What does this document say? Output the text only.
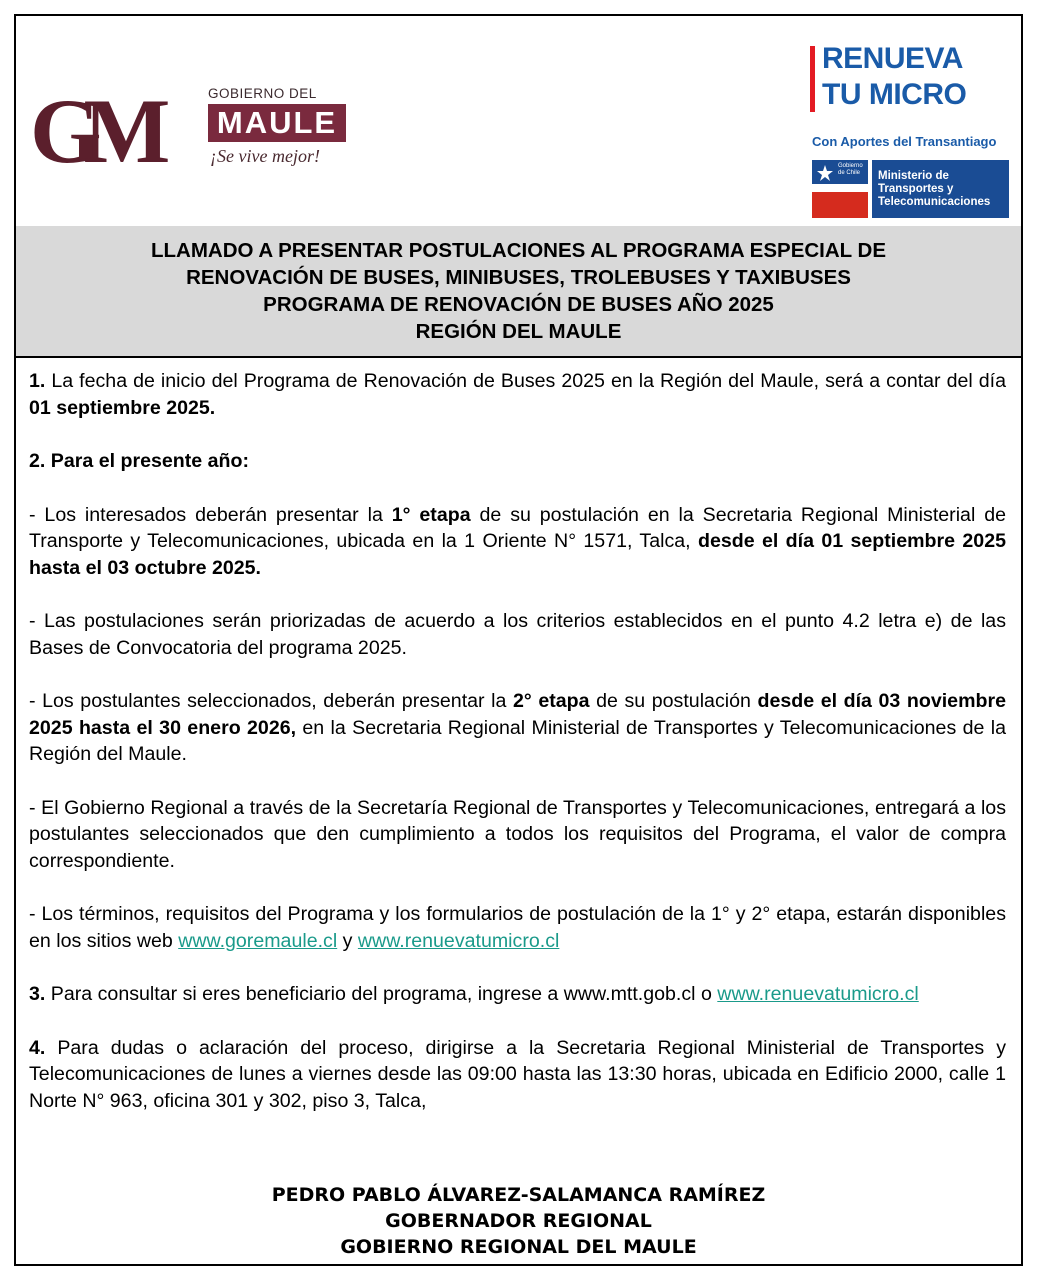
GM	GOBIERNO DEL
MAULE
¡Se vive mejor!
RENUEVA
TU MICRO
Con Aportes del Transantiago
Gobierno de Chile	Ministerio de
Transportes y
Telecomunicaciones
LLAMADO A PRESENTAR POSTULACIONES AL PROGRAMA ESPECIAL DE
RENOVACIÓN DE BUSES, MINIBUSES, TROLEBUSES Y TAXIBUSES
PROGRAMA DE RENOVACIÓN DE BUSES AÑO 2025
REGIÓN DEL MAULE

1. La fecha de inicio del Programa de Renovación de Buses 2025 en la Región del Maule, será a contar del día 01 septiembre 2025.

2. Para el presente año:

- Los interesados deberán presentar la 1° etapa de su postulación en la Secretaria Regional Ministerial de Transporte y Telecomunicaciones, ubicada en la 1 Oriente N° 1571, Talca, desde el día 01 septiembre 2025 hasta el 03 octubre 2025.

- Las postulaciones serán priorizadas de acuerdo a los criterios establecidos en el punto 4.2 letra e) de las Bases de Convocatoria del programa 2025.

- Los postulantes seleccionados, deberán presentar la 2° etapa de su postulación desde el día 03 noviembre 2025 hasta el 30 enero 2026, en la Secretaria Regional Ministerial de Transportes y Telecomunicaciones de la Región del Maule.

- El Gobierno Regional a través de la Secretaría Regional de Transportes y Telecomunicaciones, entregará a los postulantes seleccionados que den cumplimiento a todos los requisitos del Programa, el valor de compra correspondiente.

- Los términos, requisitos del Programa y los formularios de postulación de la 1° y 2° etapa, estarán disponibles en los sitios web www.goremaule.cl y www.renuevatumicro.cl

3. Para consultar si eres beneficiario del programa, ingrese a www.mtt.gob.cl o www.renuevatumicro.cl

4. Para dudas o aclaración del proceso, dirigirse a la Secretaria Regional Ministerial de Transportes y Telecomunicaciones de lunes a viernes desde las 09:00 hasta las 13:30 horas, ubicada en Edificio 2000, calle 1 Norte N° 963, oficina 301 y 302, piso 3, Talca,

PEDRO PABLO ÁLVAREZ-SALAMANCA RAMÍREZ
GOBERNADOR REGIONAL
GOBIERNO REGIONAL DEL MAULE
